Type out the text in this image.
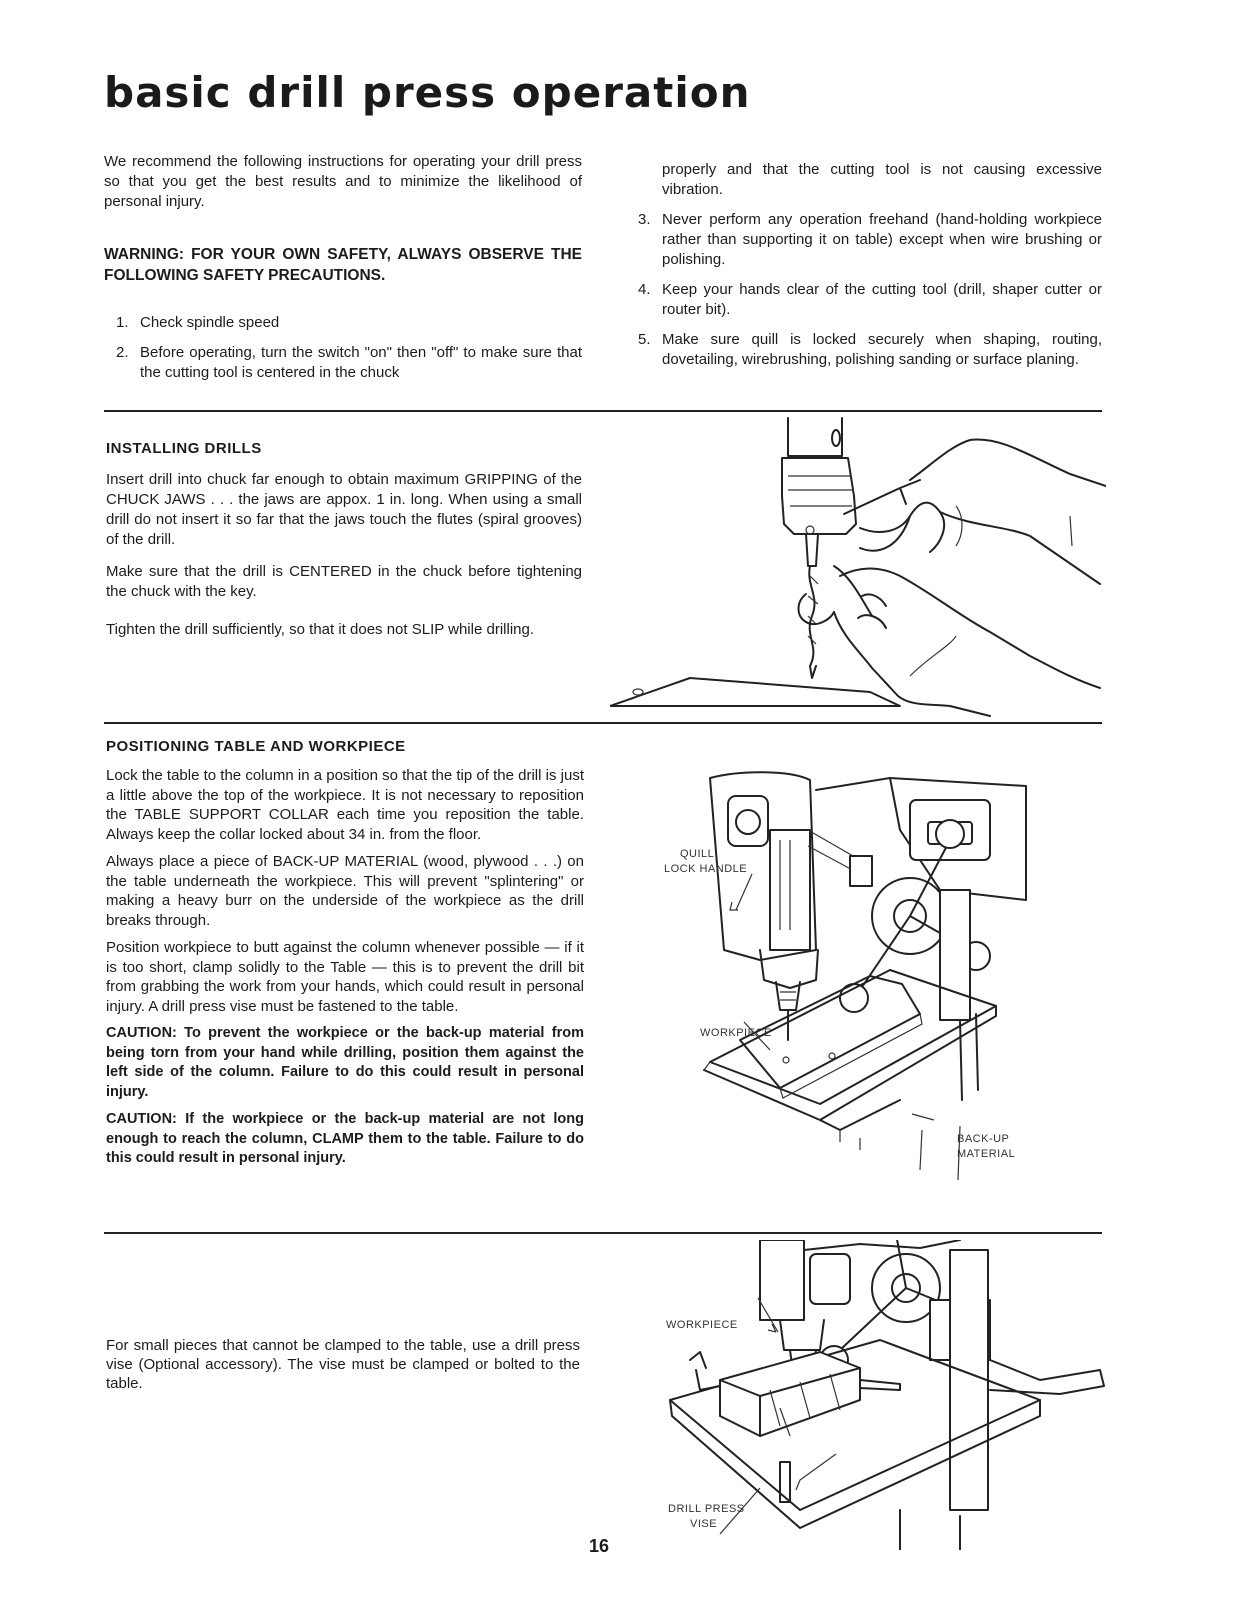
basic drill press operation
We recommend the following instructions for operating your drill press so that you get the best results and to minimize the likelihood of personal injury.
WARNING: FOR YOUR OWN SAFETY, ALWAYS OBSERVE THE FOLLOWING SAFETY PRECAUTIONS.
1. Check spindle speed
2. Before operating, turn the switch "on" then "off" to make sure that the cutting tool is centered in the chuck
properly and that the cutting tool is not causing excessive vibration.
3. Never perform any operation freehand (hand-holding workpiece rather than supporting it on table) except when wire brushing or polishing.
4. Keep your hands clear of the cutting tool (drill, shaper cutter or router bit).
5. Make sure quill is locked securely when shaping, routing, dovetailing, wirebrushing, polishing sanding or surface planing.
INSTALLING DRILLS

Insert drill into chuck far enough to obtain maximum GRIPPING of the CHUCK JAWS . . . the jaws are appox. 1 in. long. When using a small drill do not insert it so far that the jaws touch the flutes (spiral grooves) of the drill.

Make sure that the drill is CENTERED in the chuck before tightening the chuck with the key.

Tighten the drill sufficiently, so that it does not SLIP while drilling.

POSITIONING TABLE AND WORKPIECE

Lock the table to the column in a position so that the tip of the drill is just a little above the top of the workpiece. It is not necessary to reposition the TABLE SUPPORT COLLAR each time you reposition the table. Always keep the collar locked about 34 in. from the floor.

Always place a piece of BACK-UP MATERIAL (wood, plywood . . .) on the table underneath the workpiece. This will prevent "splintering" or making a heavy burr on the underside of the workpiece as the drill breaks through.

Position workpiece to butt against the column whenever possible — if it is too short, clamp solidly to the Table — this is to prevent the drill bit from grabbing the work from your hands, which could result in personal injury. A drill press vise must be fastened to the table.

CAUTION: To prevent the workpiece or the back-up material from being torn from your hand while drilling, position them against the left side of the column. Failure to do this could result in personal injury.

CAUTION: If the workpiece or the back-up material are not long enough to reach the column, CLAMP them to the table. Failure to do this could result in personal injury.

QUILL
LOCK HANDLE
WORKPIECE
BACK-UP
MATERIAL
For small pieces that cannot be clamped to the table, use a drill press vise (Optional accessory). The vise must be clamped or bolted to the table.
WORKPIECE
DRILL PRESS
VISE
16
